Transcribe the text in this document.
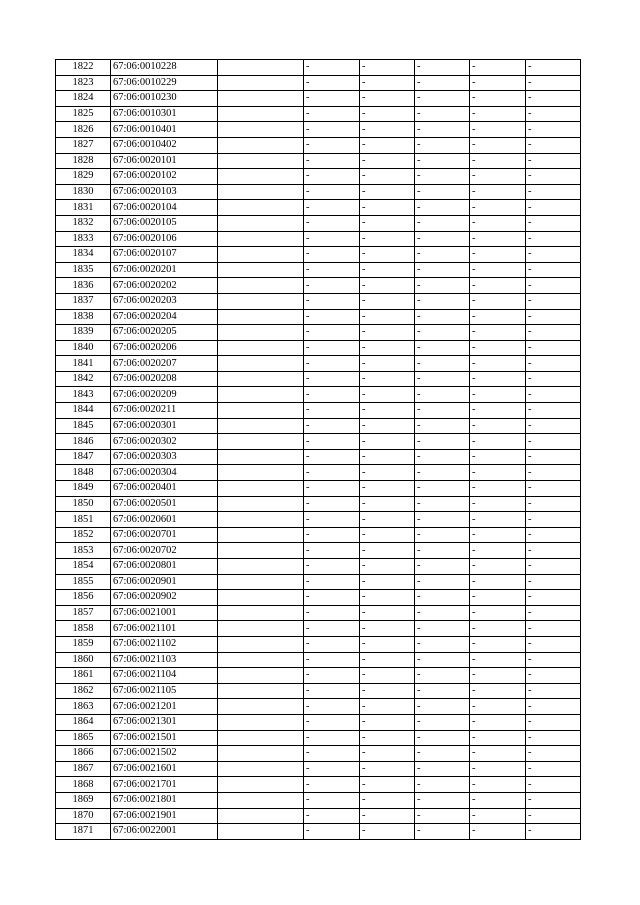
1822	67:06:0010228		-	-	-	-	-
1823	67:06:0010229		-	-	-	-	-
1824	67:06:0010230		-	-	-	-	-
1825	67:06:0010301		-	-	-	-	-
1826	67:06:0010401		-	-	-	-	-
1827	67:06:0010402		-	-	-	-	-
1828	67:06:0020101		-	-	-	-	-
1829	67:06:0020102		-	-	-	-	-
1830	67:06:0020103		-	-	-	-	-
1831	67:06:0020104		-	-	-	-	-
1832	67:06:0020105		-	-	-	-	-
1833	67:06:0020106		-	-	-	-	-
1834	67:06:0020107		-	-	-	-	-
1835	67:06:0020201		-	-	-	-	-
1836	67:06:0020202		-	-	-	-	-
1837	67:06:0020203		-	-	-	-	-
1838	67:06:0020204		-	-	-	-	-
1839	67:06:0020205		-	-	-	-	-
1840	67:06:0020206		-	-	-	-	-
1841	67:06:0020207		-	-	-	-	-
1842	67:06:0020208		-	-	-	-	-
1843	67:06:0020209		-	-	-	-	-
1844	67:06:0020211		-	-	-	-	-
1845	67:06:0020301		-	-	-	-	-
1846	67:06:0020302		-	-	-	-	-
1847	67:06:0020303		-	-	-	-	-
1848	67:06:0020304		-	-	-	-	-
1849	67:06:0020401		-	-	-	-	-
1850	67:06:0020501		-	-	-	-	-
1851	67:06:0020601		-	-	-	-	-
1852	67:06:0020701		-	-	-	-	-
1853	67:06:0020702		-	-	-	-	-
1854	67:06:0020801		-	-	-	-	-
1855	67:06:0020901		-	-	-	-	-
1856	67:06:0020902		-	-	-	-	-
1857	67:06:0021001		-	-	-	-	-
1858	67:06:0021101		-	-	-	-	-
1859	67:06:0021102		-	-	-	-	-
1860	67:06:0021103		-	-	-	-	-
1861	67:06:0021104		-	-	-	-	-
1862	67:06:0021105		-	-	-	-	-
1863	67:06:0021201		-	-	-	-	-
1864	67:06:0021301		-	-	-	-	-
1865	67:06:0021501		-	-	-	-	-
1866	67:06:0021502		-	-	-	-	-
1867	67:06:0021601		-	-	-	-	-
1868	67:06:0021701		-	-	-	-	-
1869	67:06:0021801		-	-	-	-	-
1870	67:06:0021901		-	-	-	-	-
1871	67:06:0022001		-	-	-	-	-
